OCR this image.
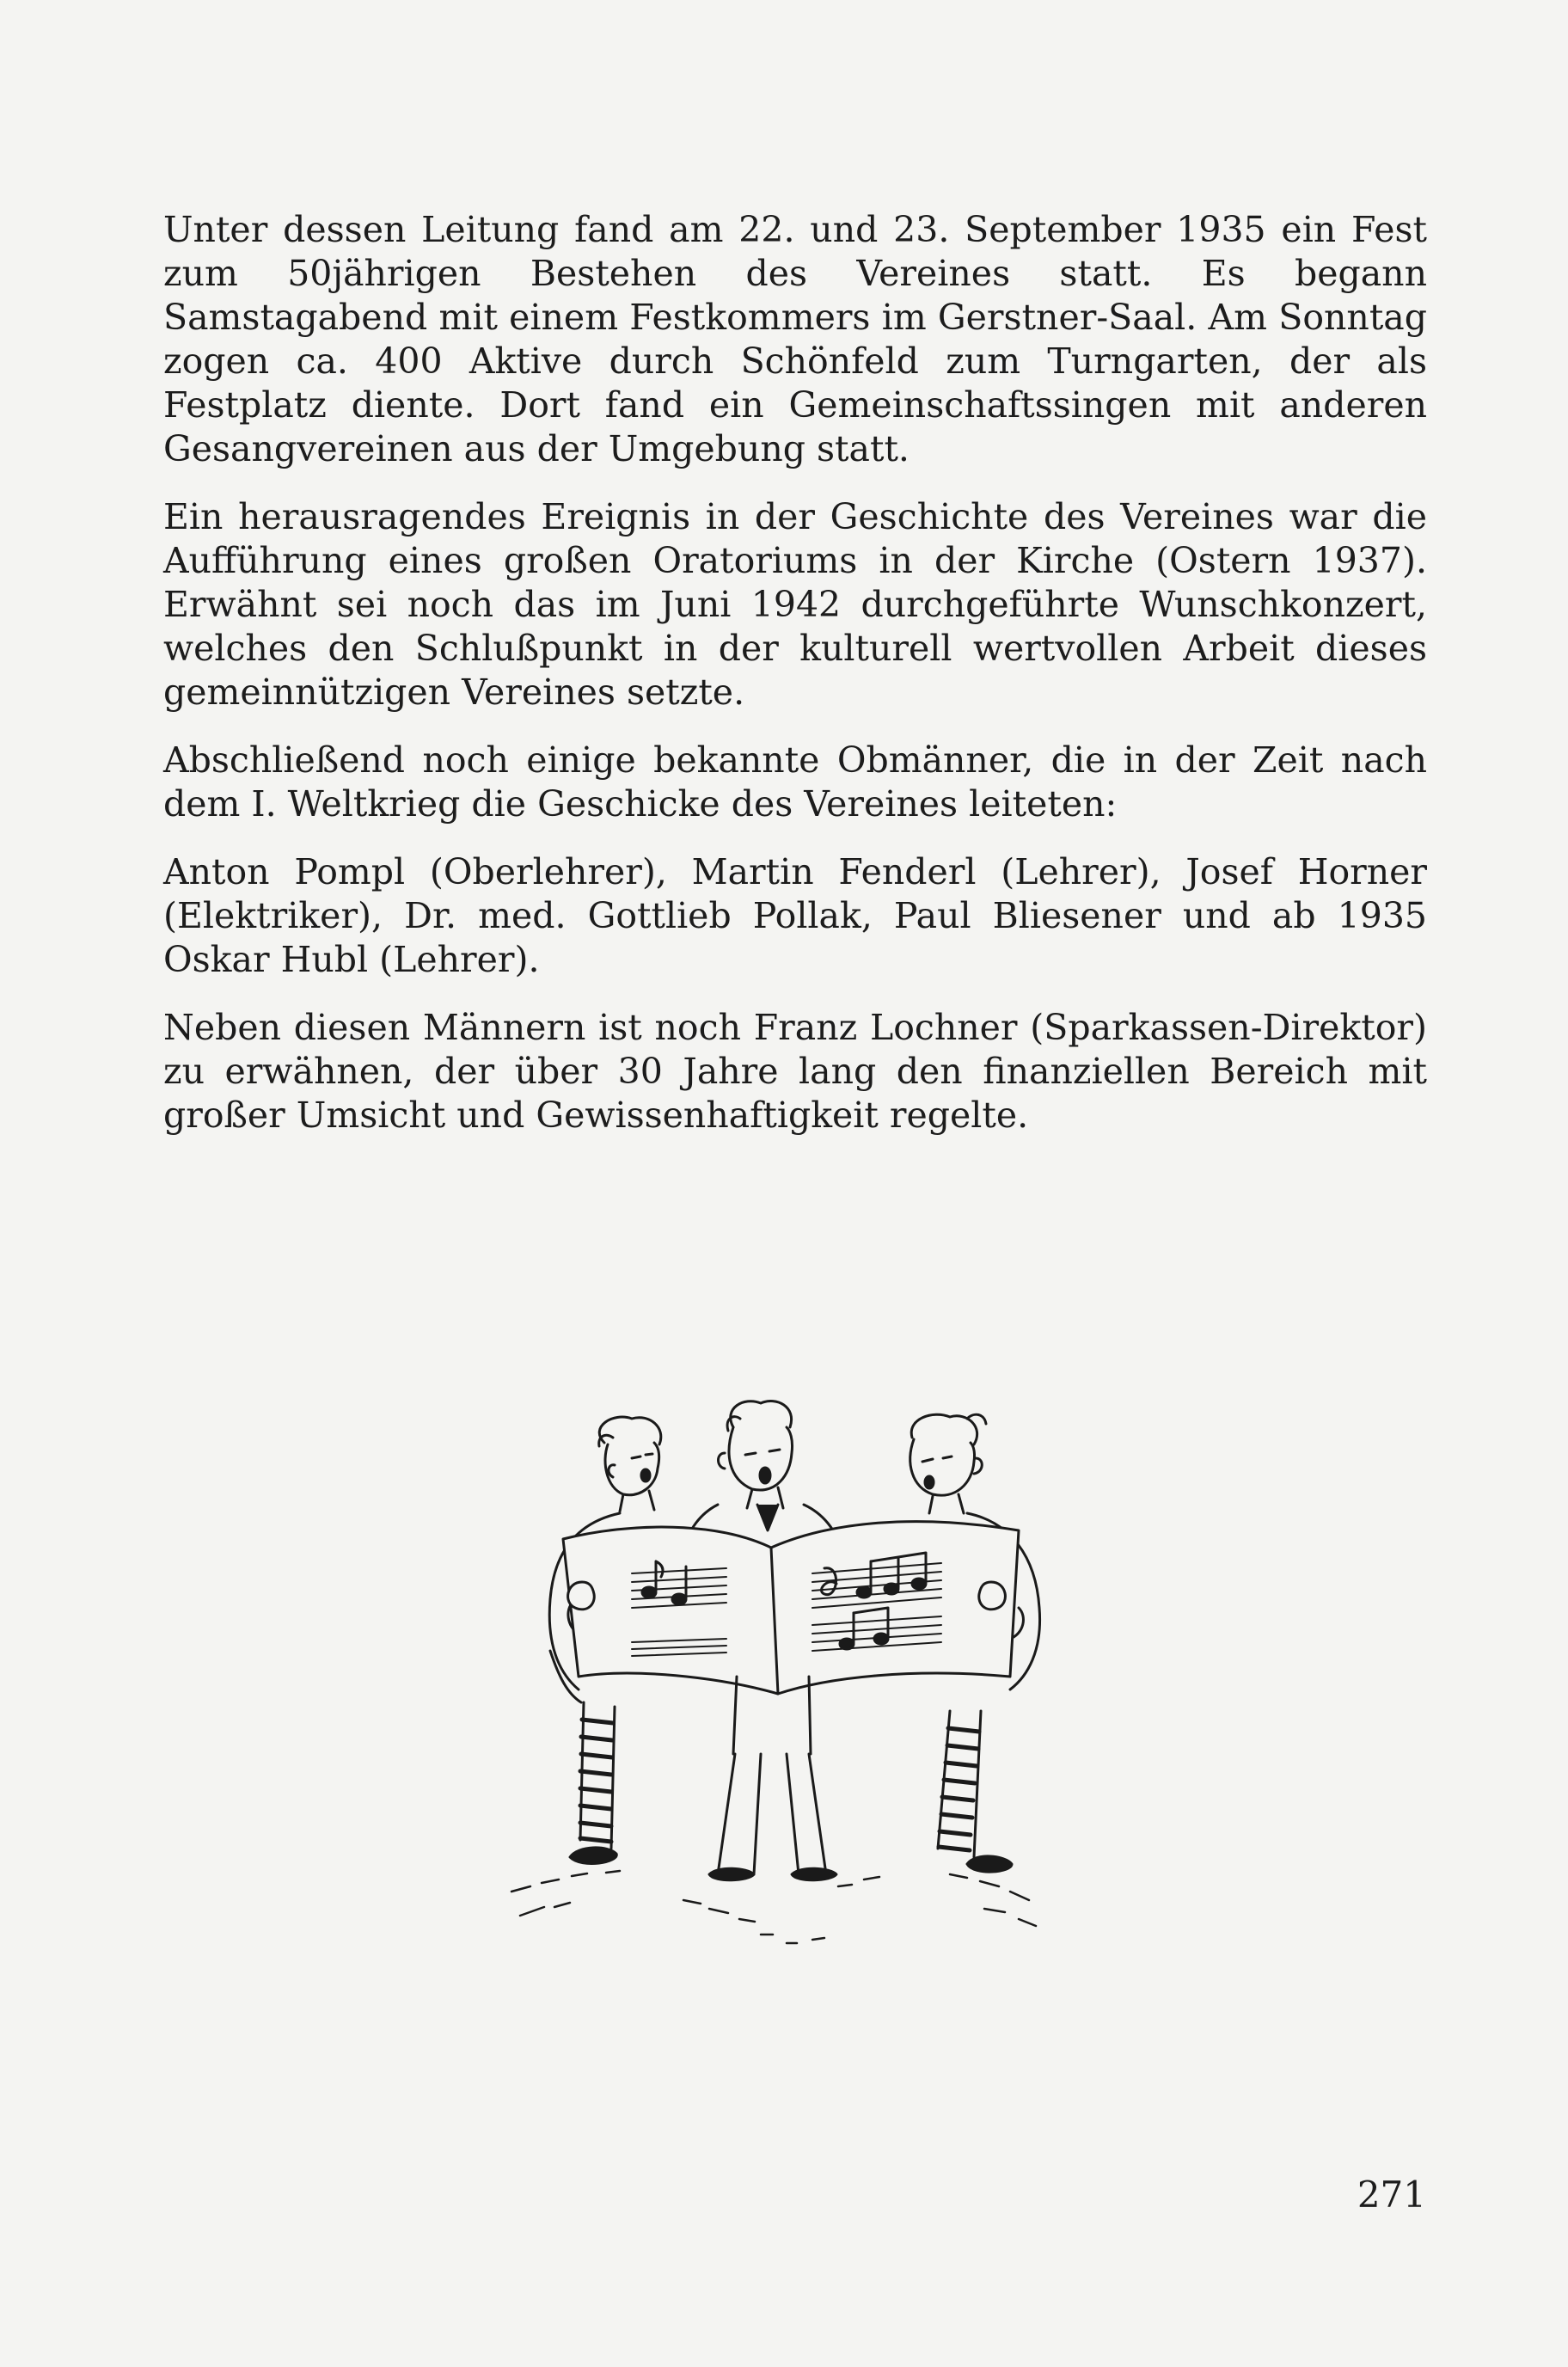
Unter dessen Leitung fand am 22. und 23. September 1935 ein Fest zum 50jährigen Bestehen des Vereines statt. Es begann Samstagabend mit einem Festkommers im Gerstner-Saal. Am Sonntag zogen ca. 400 Aktive durch Schönfeld zum Turngarten, der als Festplatz diente. Dort fand ein Gemeinschaftssingen mit anderen Gesangvereinen aus der Umgebung statt.

Ein herausragendes Ereignis in der Geschichte des Vereines war die Aufführung eines großen Oratoriums in der Kirche (Ostern 1937). Erwähnt sei noch das im Juni 1942 durchgeführte Wunschkonzert, welches den Schlußpunkt in der kulturell wertvollen Arbeit dieses gemeinnützigen Vereines setzte.

Abschließend noch einige bekannte Obmänner, die in der Zeit nach dem I. Weltkrieg die Geschicke des Vereines leiteten:

Anton Pompl (Oberlehrer), Martin Fenderl (Lehrer), Josef Horner (Elektriker), Dr. med. Gottlieb Pollak, Paul Bliesener und ab 1935 Oskar Hubl (Lehrer).

Neben diesen Männern ist noch Franz Lochner (Sparkassen-Direktor) zu erwähnen, der über 30 Jahre lang den finanziellen Bereich mit großer Umsicht und Gewissenhaftigkeit regelte.

271
